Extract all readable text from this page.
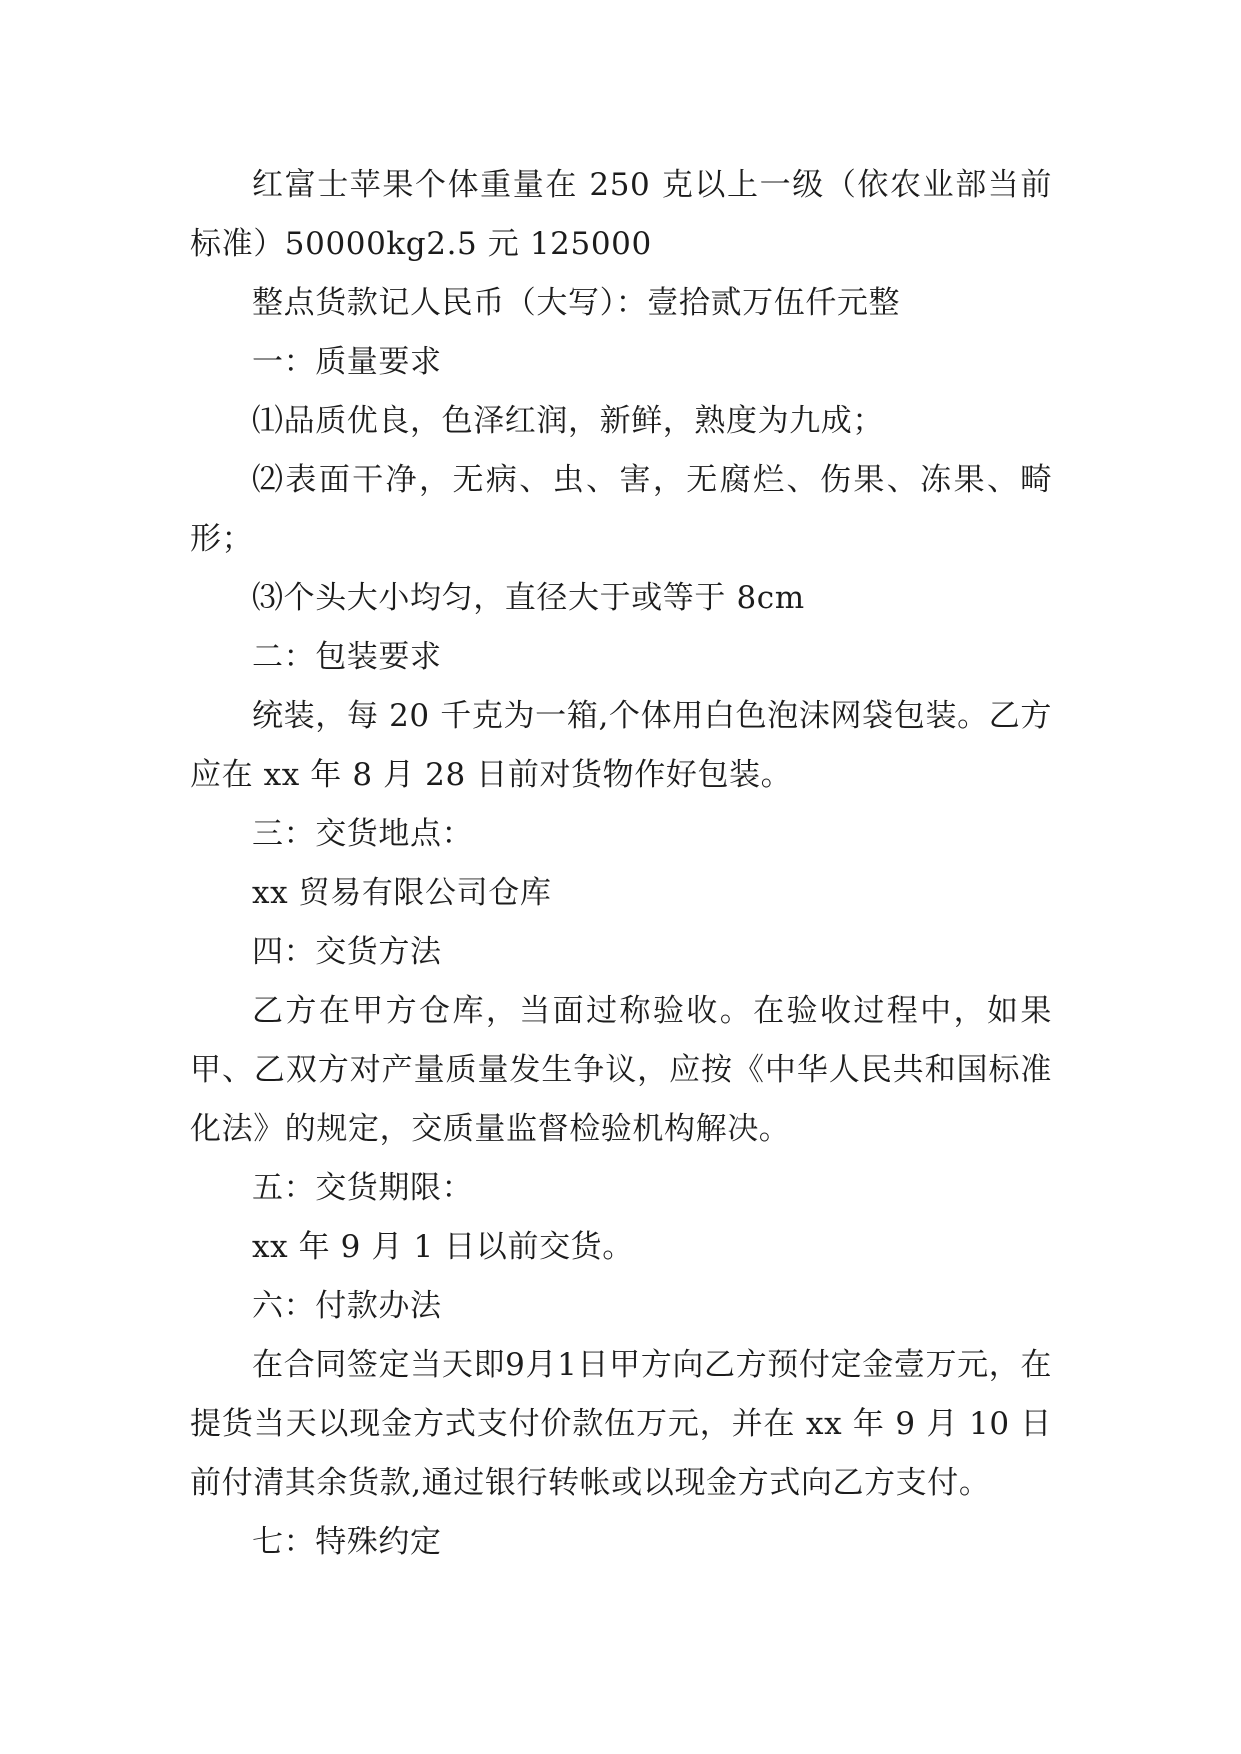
红富士苹果个体重量在 250 克以上一级（依农业部当前标准）50000kg2.5 元 125000

整点货款记人民币（大写）：壹拾贰万伍仟元整

一：质量要求

⑴品质优良，色泽红润，新鲜，熟度为九成；

⑵表面干净，无病、虫、害，无腐烂、伤果、冻果、畸形；

⑶个头大小均匀，直径大于或等于 8cm

二：包装要求

统装，每 20 千克为一箱,个体用白色泡沫网袋包装。乙方应在 xx 年 8 月 28 日前对货物作好包装。

三：交货地点：

xx 贸易有限公司仓库

四：交货方法

乙方在甲方仓库，当面过称验收。在验收过程中，如果甲、乙双方对产量质量发生争议，应按《中华人民共和国标准化法》的规定，交质量监督检验机构解决。

五：交货期限：

xx 年 9 月 1 日以前交货。

六：付款办法

在合同签定当天即9月1日甲方向乙方预付定金壹万元，在提货当天以现金方式支付价款伍万元，并在 xx 年 9 月 10 日前付清其余货款,通过银行转帐或以现金方式向乙方支付。

七：特殊约定
